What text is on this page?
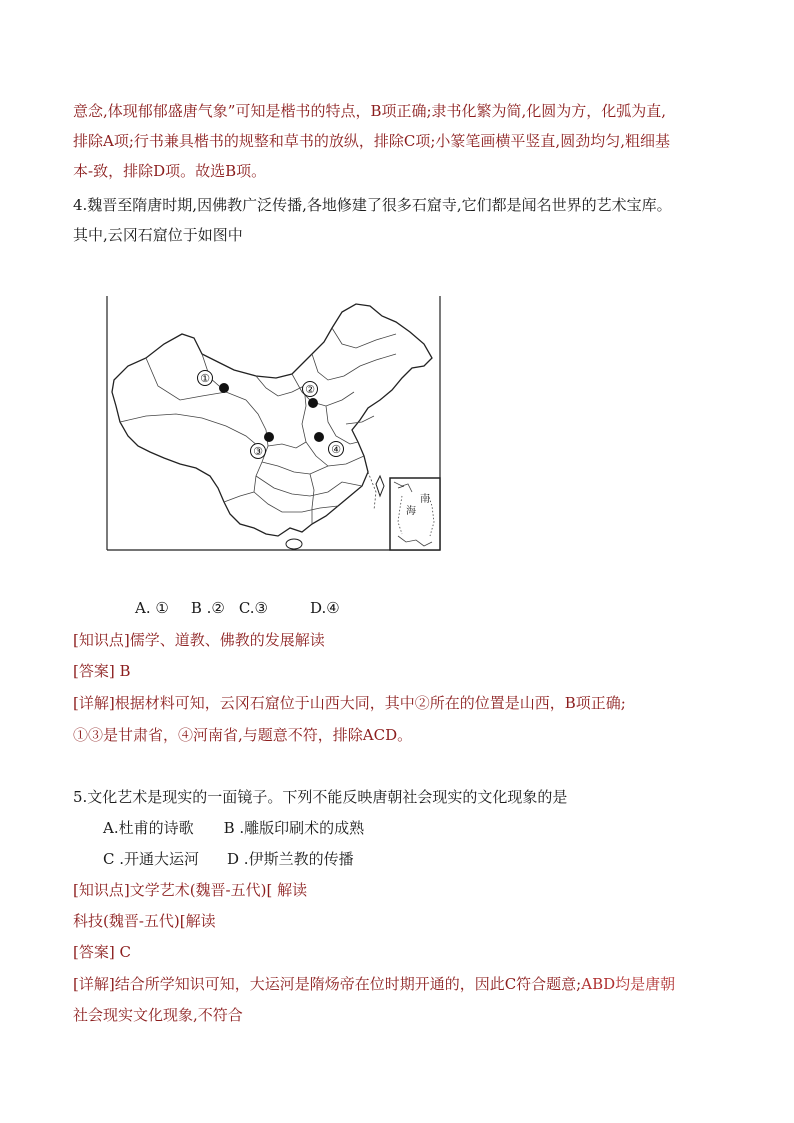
意念,体现郁郁盛唐气象”可知是楷书的特点，B项正确;隶书化繁为简,化圆为方，化弧为直,
排除A项;行书兼具楷书的规整和草书的放纵，排除C项;小篆笔画横平竖直,圆劲均匀,粗细基
本-致，排除D项。故选B项。
4.魏晋至隋唐时期,因佛教广泛传播,各地修建了很多石窟寺,它们都是闻名世界的艺术宝库。
其中,云冈石窟位于如图中
南
海
①
②
③	④
A. ① B .② C.③	D.④
[知识点]儒学、道教、佛教的发展解读
[答案] B
[详解]根据材料可知，云冈石窟位于山西大同，其中②所在的位置是山西，B项正确;
①③是甘肃省，④河南省,与题意不符，排除ACD。
5.文化艺术是现实的一面镜子。下列不能反映唐朝社会现实的文化现象的是
A.杜甫的诗歌 B .雕版印刷术的成熟
C .开通大运河 D .伊斯兰教的传播
[知识点]文学艺术(魏晋-五代)[ 解读
科技(魏晋-五代)[解读
[答案] C
[详解]结合所学知识可知，大运河是隋炀帝在位时期开通的，因此C符合题意;ABD均是唐朝
社会现实文化现象,不符合
